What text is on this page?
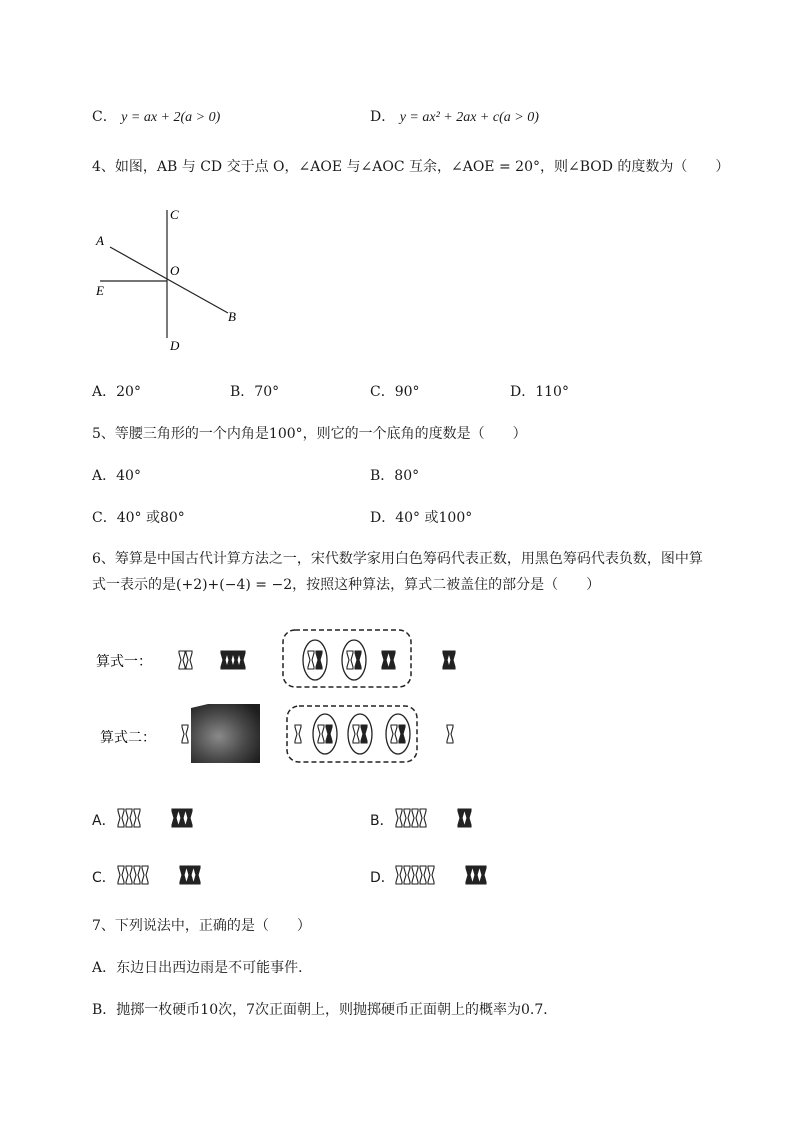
C． y = ax + 2(a > 0)	D． y = ax² + 2ax + c(a > 0)
4、如图，AB 与 CD 交于点 O，∠AOE 与∠AOC 互余，∠AOE = 20°，则∠BOD 的度数为（　　）
C
A
O
E
B
D
A．20°	B．70°	C．90°	D．110°
5、等腰三角形的一个内角是100°，则它的一个底角的度数是（　　）
A．40°	B．80°
C．40° 或80°	D．40° 或100°
6、筹算是中国古代计算方法之一，宋代数学家用白色筹码代表正数，用黑色筹码代表负数，图中算
式一表示的是(+2)+(−4) = −2，按照这种算法，算式二被盖住的部分是（　　）
算式一：
算式二：
A．	B．
C．	D．
7、下列说法中，正确的是（　　）
A．东边日出西边雨是不可能事件．
B．抛掷一枚硬币10次，7次正面朝上，则抛掷硬币正面朝上的概率为0.7．
